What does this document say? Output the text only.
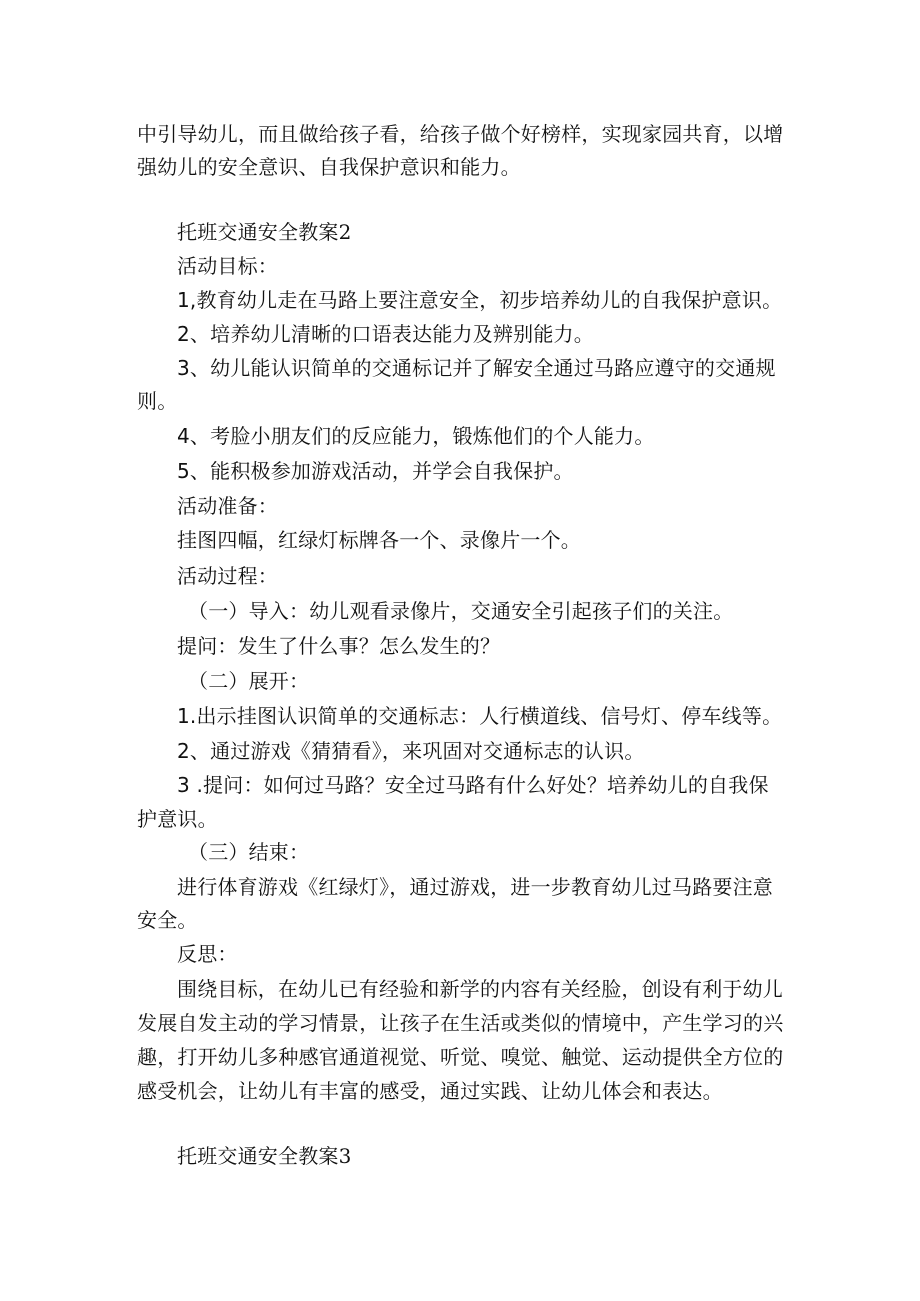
中引导幼儿，而且做给孩子看，给孩子做个好榜样，实现家园共育，以增
强幼儿的安全意识、自我保护意识和能力。
托班交通安全教案2
活动目标：
1,教育幼儿走在马路上要注意安全，初步培养幼儿的自我保护意识。
2、培养幼儿清晰的口语表达能力及辨别能力。
3、幼儿能认识简单的交通标记并了解安全通过马路应遵守的交通规
则。
4、考脸小朋友们的反应能力，锻炼他们的个人能力。
5、能积极参加游戏活动，并学会自我保护。
活动准备：
挂图四幅，红绿灯标牌各一个、录像片一个。
活动过程：
（一）导入：幼儿观看录像片，交通安全引起孩子们的关注。
提问：发生了什么事？怎么发生的？
（二）展开：
1.出示挂图认识简单的交通标志：人行横道线、信号灯、停车线等。
2、通过游戏《猜猜看》，来巩固对交通标志的认识。
3 .提问：如何过马路？安全过马路有什么好处？培养幼儿的自我保
护意识。
（三）结束：
进行体育游戏《红绿灯》，通过游戏，进一步教育幼儿过马路要注意
安全。
反思：
围绕目标，在幼儿已有经验和新学的内容有关经脸，创设有利于幼儿
发展自发主动的学习情景，让孩子在生活或类似的情境中，产生学习的兴
趣，打开幼儿多种感官通道视觉、听觉、嗅觉、触觉、运动提供全方位的
感受机会，让幼儿有丰富的感受，通过实践、让幼儿体会和表达。
托班交通安全教案3
